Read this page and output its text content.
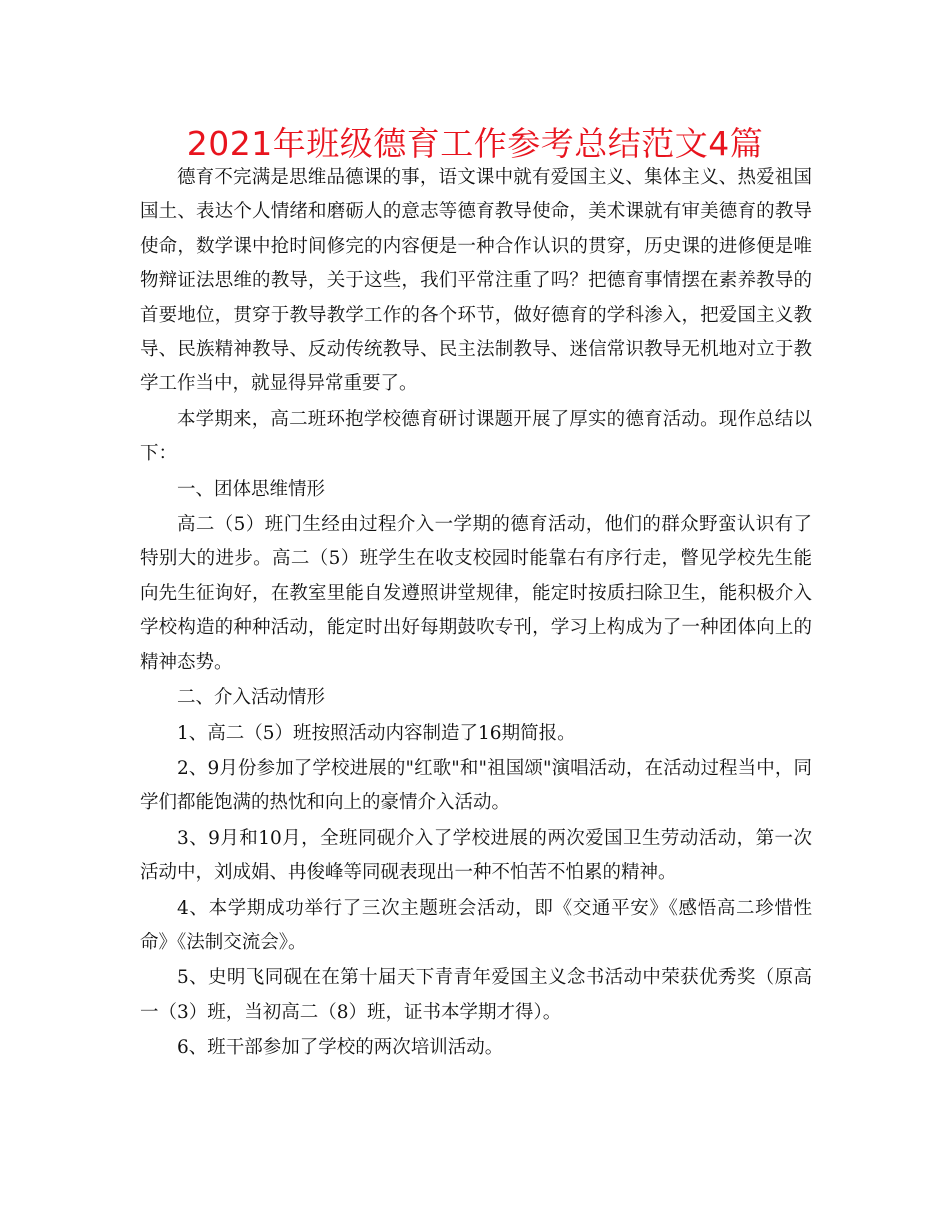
2021年班级德育工作参考总结范文4篇

德育不完满是思维品德课的事，语文课中就有爱国主义、集体主义、热爱祖国国土、表达个人情绪和磨砺人的意志等德育教导使命，美术课就有审美德育的教导使命，数学课中抢时间修完的内容便是一种合作认识的贯穿，历史课的进修便是唯物辩证法思维的教导，关于这些，我们平常注重了吗？把德育事情摆在素养教导的首要地位，贯穿于教导教学工作的各个环节，做好德育的学科渗入，把爱国主义教导、民族精神教导、反动传统教导、民主法制教导、迷信常识教导无机地对立于教学工作当中，就显得异常重要了。

本学期来，高二班环抱学校德育研讨课题开展了厚实的德育活动。现作总结以下：

一、团体思维情形

高二（5）班门生经由过程介入一学期的德育活动，他们的群众野蛮认识有了特别大的进步。高二（5）班学生在收支校园时能靠右有序行走，瞥见学校先生能向先生征询好，在教室里能自发遵照讲堂规律，能定时按质扫除卫生，能积极介入学校构造的种种活动，能定时出好每期鼓吹专刊，学习上构成为了一种团体向上的精神态势。

二、介入活动情形

1、高二（5）班按照活动内容制造了16期简报。

2、9月份参加了学校进展的"红歌"和"祖国颂"演唱活动，在活动过程当中，同学们都能饱满的热忱和向上的豪情介入活动。

3、9月和10月，全班同砚介入了学校进展的两次爱国卫生劳动活动，第一次活动中，刘成娟、冉俊峰等同砚表现出一种不怕苦不怕累的精神。

4、本学期成功举行了三次主题班会活动，即《交通平安》《感悟高二珍惜性命》《法制交流会》。

5、史明飞同砚在在第十届天下青青年爱国主义念书活动中荣获优秀奖（原高一（3）班，当初高二（8）班，证书本学期才得）。

6、班干部参加了学校的两次培训活动。
